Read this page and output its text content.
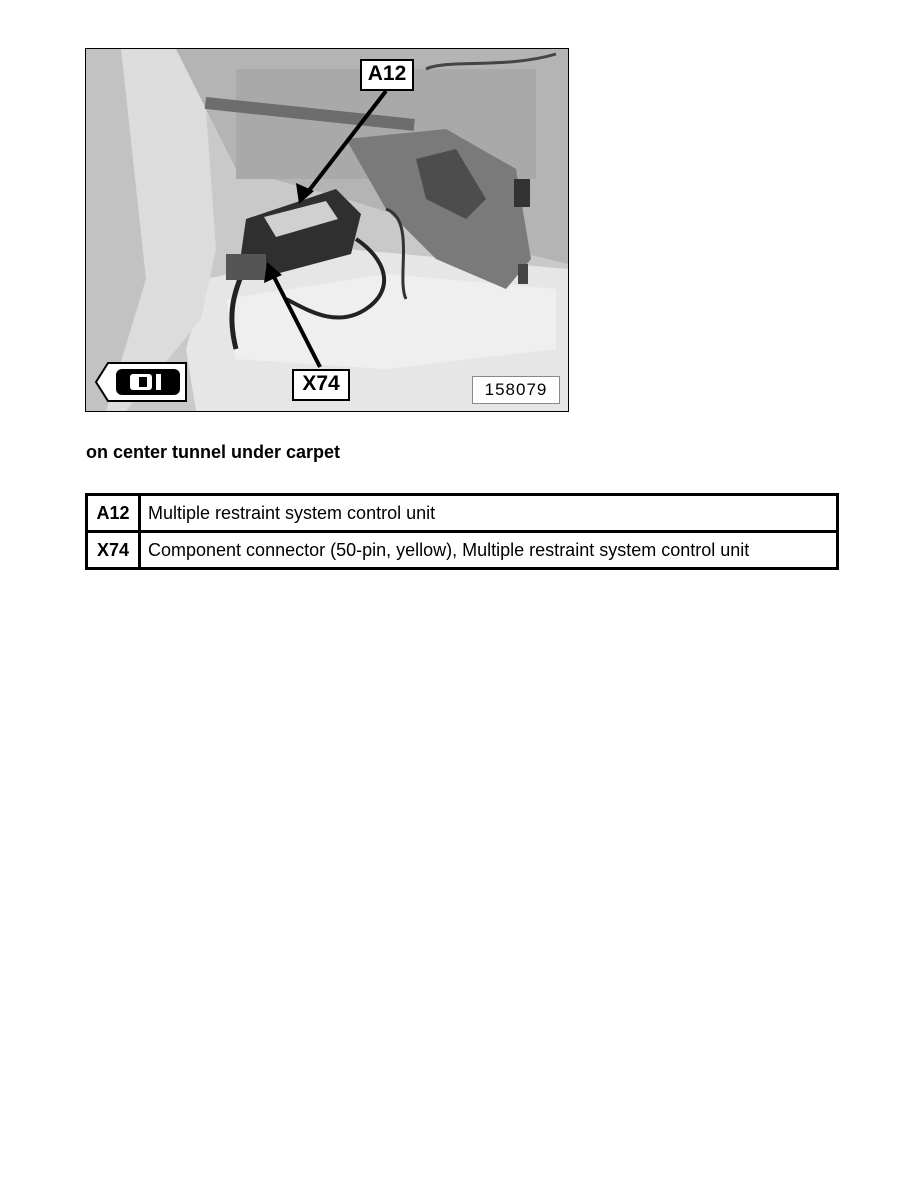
A12
X74	158079
on center tunnel under carpet
A12	Multiple restraint system control unit
X74	Component connector (50-pin, yellow), Multiple restraint system control unit
